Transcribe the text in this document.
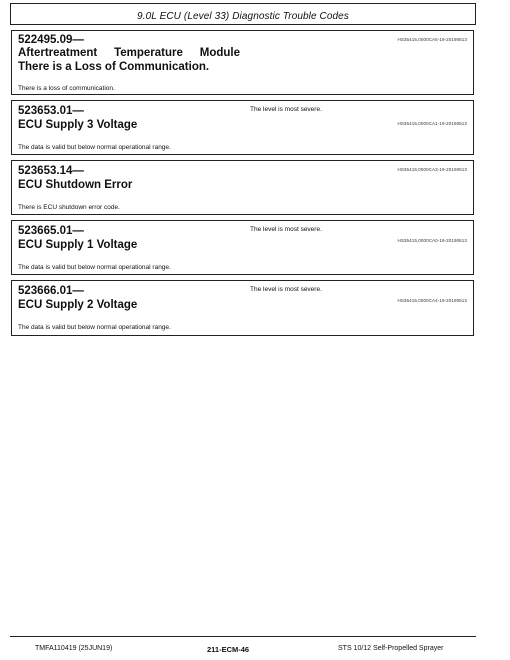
9.0L ECU (Level 33) Diagnostic Trouble Codes
522495.09—
Aftertreatment Temperature Module
There is a Loss of Communication.
HS35415,0000CA5-19-20190613
There is a loss of communication.
523653.01—
ECU Supply 3 Voltage
The level is most severe.
HS35415,0000CA1-19-20190613
The data is valid but below normal operational range.
523653.14—
ECU Shutdown Error
HS35415,0000CA3-19-20190613
There is ECU shutdown error code.
523665.01—
ECU Supply 1 Voltage
The level is most severe.
HS35415,0000CA0-19-20190613
The data is valid but below normal operational range.
523666.01—
ECU Supply 2 Voltage
The level is most severe.
HS35415,0000CA4-19-20190613
The data is valid but below normal operational range.
TMFA110419 (25JUN19)	211-ECM-46	STS 10/12 Self-Propelled Sprayer
